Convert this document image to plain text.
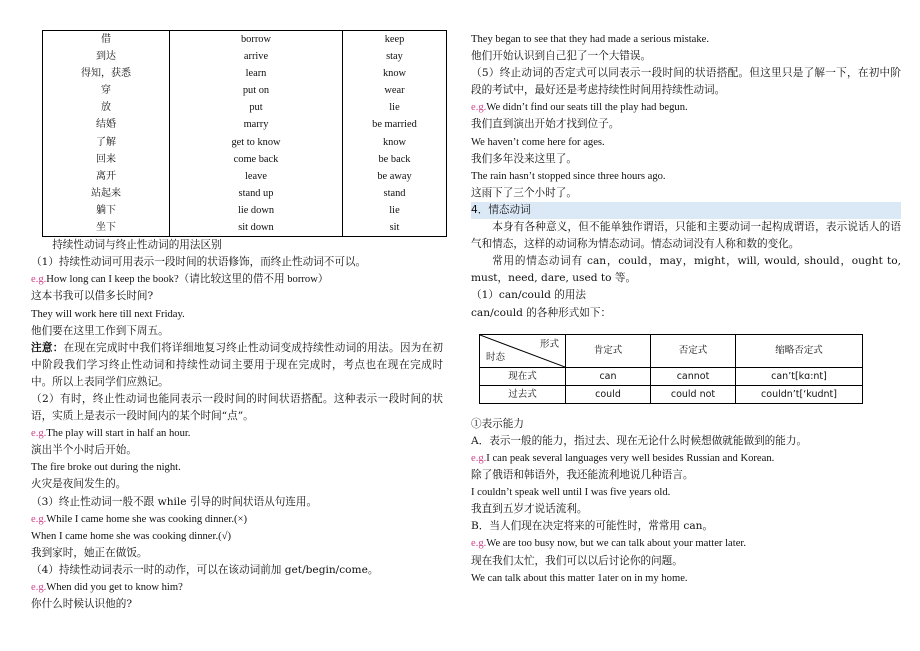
借	borrow	keep
到达	arrive	stay
得知，获悉	learn	know
穿	put on	wear
放	put	lie
结婚	marry	be married
了解	get to know	know
回来	come back	be back
离开	leave	be away
站起来	stand up	stand
躺下	lie down	lie
坐下	sit down	sit

持续性动词与终止性动词的用法区别

（1）持续性动词可用表示一段时间的状语修饰，而终止性动词不可以。

e.g.How long can I keep the book?（请比较这里的借不用 borrow）

这本书我可以借多长时间?

They will work here till next Friday.

他们要在这里工作到下周五。

注意：在现在完成时中我们将详细地复习终止性动词变成持续性动词的用法。因为在初中阶段我们学习终止性动词和持续性动词主要用于现在完成时，考点也在现在完成时中。所以上表同学们应熟记。

（2）有时，终止性动词也能同表示一段时间的时间状语搭配。这种表示一段时间的状语，实质上是表示一段时间内的某个时间“点”。

e.g.The play will start in half an hour.

演出半个小时后开始。

The fire broke out during the night.

火灾是夜间发生的。

（3）终止性动词一般不跟 while 引导的时间状语从句连用。

e.g.While I came home she was cooking dinner.(×)

When I came home she was cooking dinner.(√)

我到家时，她正在做饭。

（4）持续性动词表示一时的动作，可以在该动词前加 get/begin/come。

e.g.When did you get to know him?

你什么时候认识他的?

They began to see that they had made a serious mistake.

他们开始认识到自己犯了一个大错误。

（5）终止动词的否定式可以同表示一段时间的状语搭配。但这里只是了解一下，在初中阶段的考试中，最好还是考虑持续性时间用持续性动词。

e.g.We didn’t find our seats till the play had begun.

我们直到演出开始才找到位子。

We haven’t come here for ages.

我们多年没来这里了。

The rain hasn’t stopped since three hours ago.

这雨下了三个小时了。

4．情态动词

本身有各种意义，但不能单独作谓语，只能和主要动词一起构成谓语，表示说话人的语气和情态，这样的动词称为情态动词。情态动词没有人称和数的变化。

常用的情态动词有 can，could，may，might，will, would, should，ought to, must，need, dare, used to 等。

（1）can/could 的用法

can/could 的各种形式如下：

形式
时态	肯定式	否定式	缩略否定式
现在式	can	cannot	can’t[kɑ:nt]
过去式	could	could not	couldn’t[‘kudnt]

①表示能力

A．表示一般的能力，指过去、现在无论什么时候想做就能做到的能力。

e.g.I can peak several languages very well besides Russian and Korean.

除了俄语和韩语外，我还能流利地说几种语言。

I couldn’t speak well until I was five years old.

我直到五岁才说话流利。

B．当人们现在决定将来的可能性时，常常用 can。

e.g.We are too busy now, but we can talk about your matter later.

现在我们太忙，我们可以以后讨论你的问题。

We can talk about this matter 1ater on in my home.
